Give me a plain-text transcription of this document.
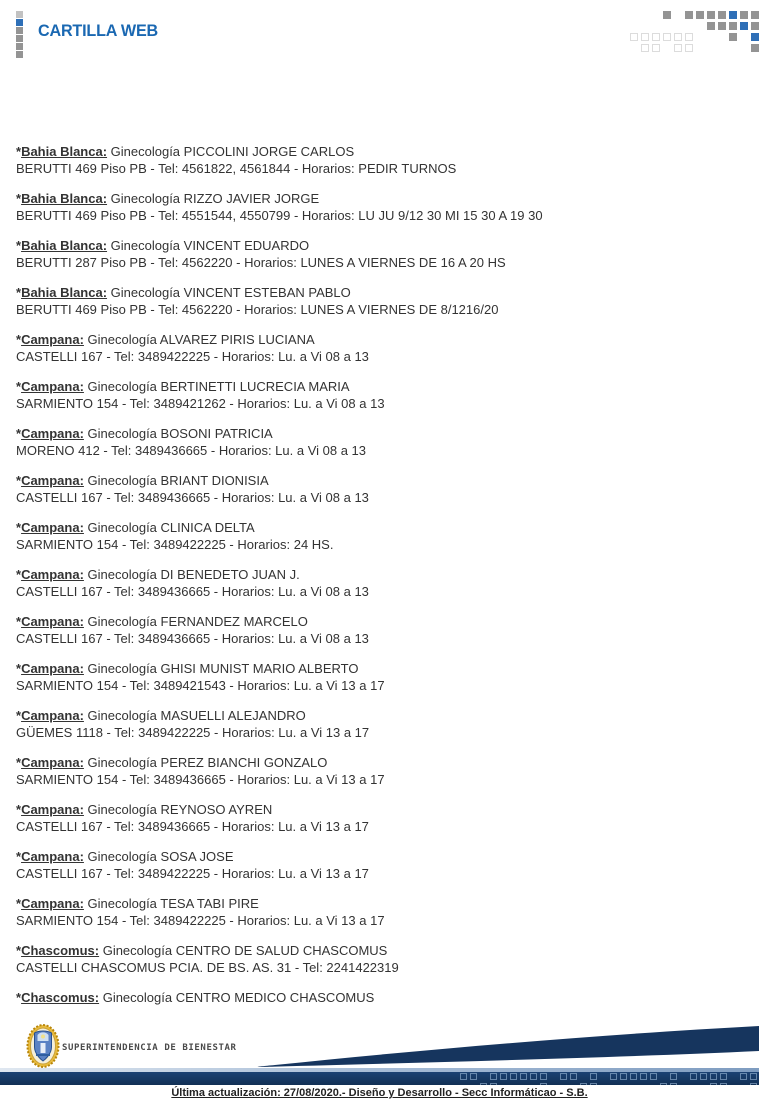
CARTILLA WEB
*Bahia Blanca: Ginecología PICCOLINI JORGE CARLOS
BERUTTI 469 Piso PB - Tel: 4561822, 4561844 - Horarios: PEDIR TURNOS
*Bahia Blanca: Ginecología RIZZO JAVIER JORGE
BERUTTI 469 Piso PB - Tel: 4551544, 4550799 - Horarios: LU JU 9/12 30 MI 15 30 A 19 30
*Bahia Blanca: Ginecología VINCENT EDUARDO
BERUTTI 287 Piso PB - Tel: 4562220 - Horarios: LUNES A VIERNES DE 16 A 20 HS
*Bahia Blanca: Ginecología VINCENT ESTEBAN PABLO
BERUTTI 469 Piso PB - Tel: 4562220 - Horarios: LUNES A VIERNES DE 8/1216/20
*Campana: Ginecología ALVAREZ PIRIS LUCIANA
CASTELLI 167 - Tel: 3489422225 - Horarios: Lu. a Vi 08 a 13
*Campana: Ginecología BERTINETTI LUCRECIA MARIA
SARMIENTO 154 - Tel: 3489421262 - Horarios: Lu. a Vi 08 a 13
*Campana: Ginecología BOSONI PATRICIA
MORENO 412 - Tel: 3489436665 - Horarios: Lu. a Vi 08 a 13
*Campana: Ginecología BRIANT DIONISIA
CASTELLI 167 - Tel: 3489436665 - Horarios: Lu. a Vi 08 a 13
*Campana: Ginecología CLINICA DELTA
SARMIENTO 154 - Tel: 3489422225 - Horarios: 24 HS.
*Campana: Ginecología DI BENEDETO JUAN J.
CASTELLI 167 - Tel: 3489436665 - Horarios: Lu. a Vi 08 a 13
*Campana: Ginecología FERNANDEZ MARCELO
CASTELLI 167 - Tel: 3489436665 - Horarios: Lu. a Vi 08 a 13
*Campana: Ginecología GHISI MUNIST MARIO ALBERTO
SARMIENTO 154 - Tel: 3489421543 - Horarios: Lu. a Vi 13 a 17
*Campana: Ginecología MASUELLI ALEJANDRO
GÜEMES 1118 - Tel: 3489422225 - Horarios: Lu. a Vi 13 a 17
*Campana: Ginecología PEREZ BIANCHI GONZALO
SARMIENTO 154 - Tel: 3489436665 - Horarios: Lu. a Vi 13 a 17
*Campana: Ginecología REYNOSO AYREN
CASTELLI 167 - Tel: 3489436665 - Horarios: Lu. a Vi 13 a 17
*Campana: Ginecología SOSA JOSE
CASTELLI 167 - Tel: 3489422225 - Horarios: Lu. a Vi 13 a 17
*Campana: Ginecología TESA TABI PIRE
SARMIENTO 154 - Tel: 3489422225 - Horarios: Lu. a Vi 13 a 17
*Chascomus: Ginecología CENTRO DE SALUD CHASCOMUS
CASTELLI CHASCOMUS PCIA. DE BS. AS. 31 - Tel: 2241422319
*Chascomus: Ginecología CENTRO MEDICO CHASCOMUS
SUPERINTENDENCIA DE BIENESTAR
Última actualización: 27/08/2020.- Diseño y Desarrollo - Secc Informáticao - S.B.
